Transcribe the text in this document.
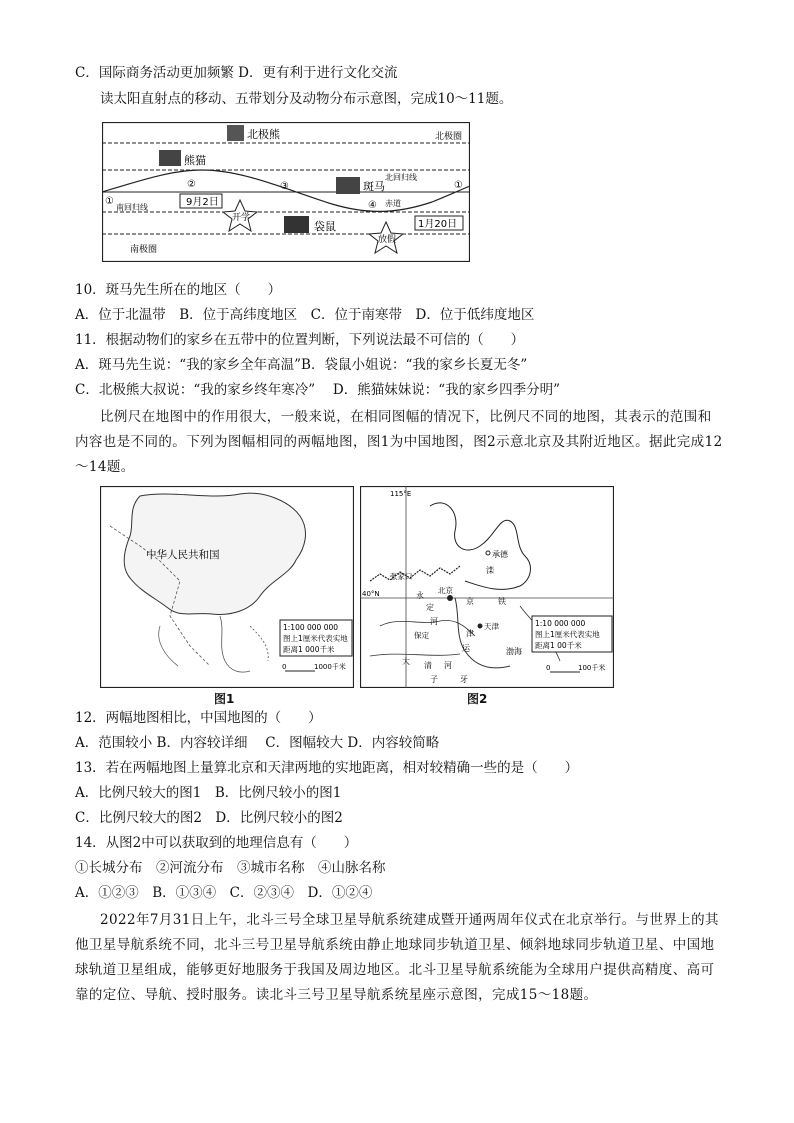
C．国际商务活动更加频繁 D．更有利于进行文化交流
读太阳直射点的移动、五带划分及动物分布示意图，完成10～11题。
北极熊	北极圈
熊猫
斑马
北回归线
赤道
南回归线
袋鼠
南极圈
①
②	③
④
①
9月2日
1月20日
开学
放假
10．斑马先生所在的地区（　　）
A．位于北温带　B．位于高纬度地区　C．位于南寒带　D．位于低纬度地区
11．根据动物们的家乡在五带中的位置判断，下列说法最不可信的（　　）
A．斑马先生说：“我的家乡全年高温”B．袋鼠小姐说：“我的家乡长夏无冬”
C．北极熊大叔说：“我的家乡终年寒冷”　 D．熊猫妹妹说：“我的家乡四季分明”
比例尺在地图中的作用很大，一般来说，在相同图幅的情况下，比例尺不同的地图，其表示的范围和内容也是不同的。下列为图幅相同的两幅地图，图1为中国地图，图2示意北京及其附近地区。据此完成12～14题。
中华人民共和国
1:100 000 000
图上1厘米代表实地
距离1 000千米
0	1000千米
图1
115°E
40°N
承德
滦
张家口
北京
永
定
京
河
保定
天津
津
铁
运
大 清 河
牙
子
渤海
1:10 000 000
图上1厘米代表实地
距离1 00千米
0	100千米
图2
12．两幅地图相比，中国地图的（　　）
A．范围较小 B．内容较详细　 C．图幅较大 D．内容较简略
13．若在两幅地图上量算北京和天津两地的实地距离，相对较精确一些的是（　　）
A．比例尺较大的图1　B．比例尺较小的图1
C．比例尺较大的图2　D．比例尺较小的图2
14．从图2中可以获取到的地理信息有（　　）
①长城分布　②河流分布　③城市名称　④山脉名称
A．①②③　B．①③④　C．②③④　D．①②④
2022年7月31日上午，北斗三号全球卫星导航系统建成暨开通两周年仪式在北京举行。与世界上的其他卫星导航系统不同，北斗三号卫星导航系统由静止地球同步轨道卫星、倾斜地球同步轨道卫星、中国地球轨道卫星组成，能够更好地服务于我国及周边地区。北斗卫星导航系统能为全球用户提供高精度、高可靠的定位、导航、授时服务。读北斗三号卫星导航系统星座示意图，完成15～18题。
